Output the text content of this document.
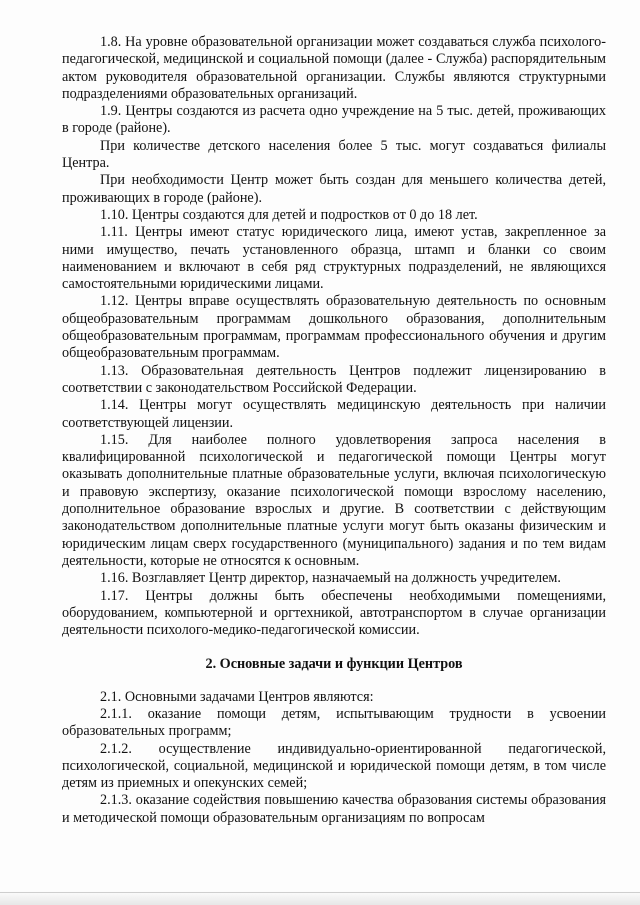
1.8. На уровне образовательной организации может создаваться служба психолого-педагогической, медицинской и социальной помощи (далее - Служба) распорядительным актом руководителя образовательной организации. Службы являются структурными подразделениями образовательных организаций.

1.9. Центры создаются из расчета одно учреждение на 5 тыс. детей, проживающих в городе (районе).

При количестве детского населения более 5 тыс. могут создаваться филиалы Центра.

При необходимости Центр может быть создан для меньшего количества детей, проживающих в городе (районе).

1.10. Центры создаются для детей и подростков от 0 до 18 лет.

1.11. Центры имеют статус юридического лица, имеют устав, закрепленное за ними имущество, печать установленного образца, штамп и бланки со своим наименованием и включают в себя ряд структурных подразделений, не являющихся самостоятельными юридическими лицами.

1.12. Центры вправе осуществлять образовательную деятельность по основным общеобразовательным программам дошкольного образования, дополнительным общеобразовательным программам, программам профессионального обучения и другим общеобразовательным программам.

1.13. Образовательная деятельность Центров подлежит лицензированию в соответствии с законодательством Российской Федерации.

1.14. Центры могут осуществлять медицинскую деятельность при наличии соответствующей лицензии.

1.15. Для наиболее полного удовлетворения запроса населения в квалифицированной психологической и педагогической помощи Центры могут оказывать дополнительные платные образовательные услуги, включая психологическую и правовую экспертизу, оказание психологической помощи взрослому населению, дополнительное образование взрослых и другие. В соответствии с действующим законодательством дополнительные платные услуги могут быть оказаны физическим и юридическим лицам сверх государственного (муниципального) задания и по тем видам деятельности, которые не относятся к основным.

1.16. Возглавляет Центр директор, назначаемый на должность учредителем.

1.17. Центры должны быть обеспечены необходимыми помещениями, оборудованием, компьютерной и оргтехникой, автотранспортом в случае организации деятельности психолого-медико-педагогической комиссии.

2. Основные задачи и функции Центров

2.1. Основными задачами Центров являются:

2.1.1. оказание помощи детям, испытывающим трудности в усвоении образовательных программ;

2.1.2. осуществление индивидуально-ориентированной педагогической, психологической, социальной, медицинской и юридической помощи детям, в том числе детям из приемных и опекунских семей;

2.1.3. оказание содействия повышению качества образования системы образования и методической помощи образовательным организациям по вопросам
